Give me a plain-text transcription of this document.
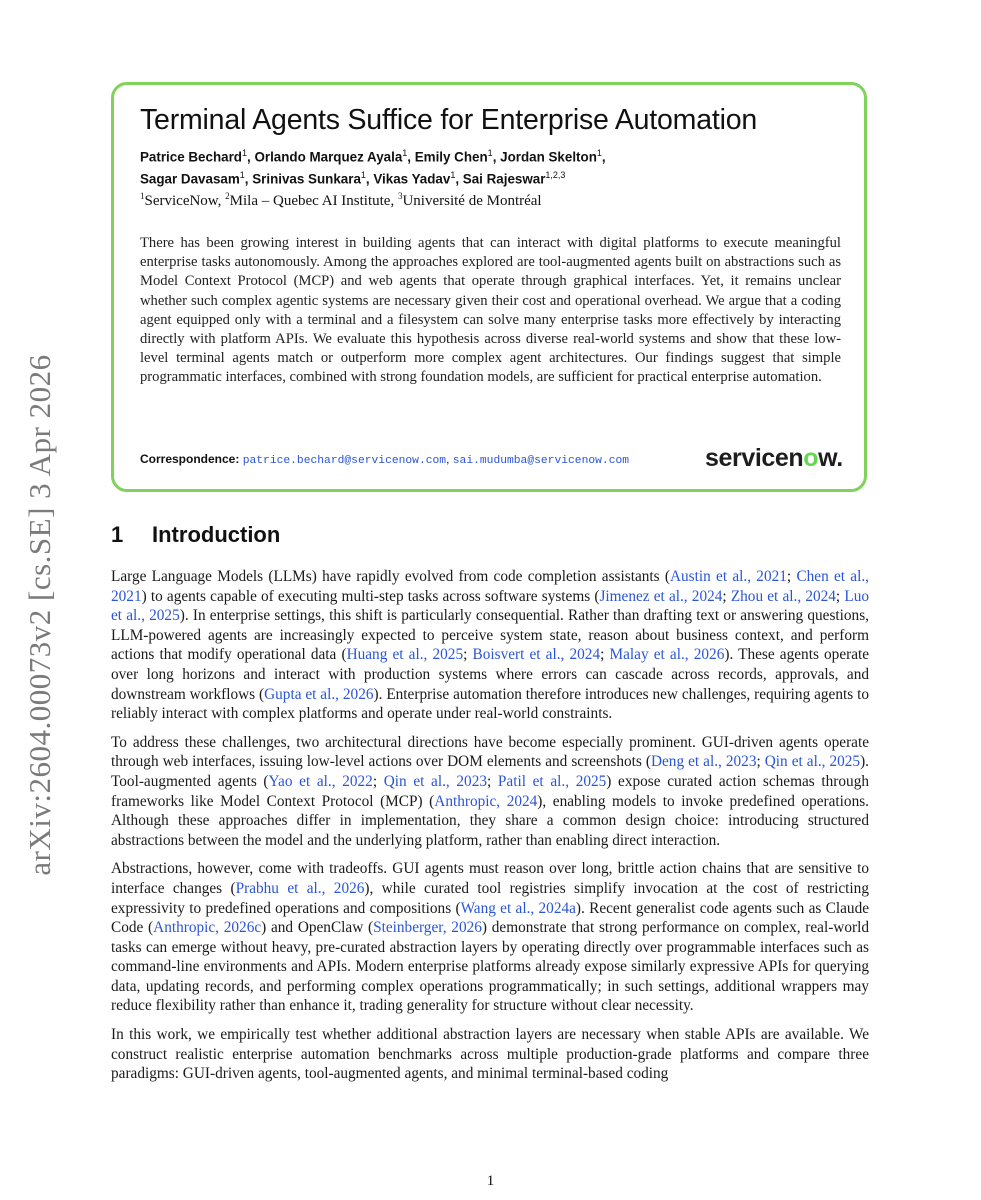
arXiv:2604.00073v2 [cs.SE] 3 Apr 2026
Terminal Agents Suffice for Enterprise Automation
Patrice Bechard$^1$, Orlando Marquez Ayala$^1$, Emily Chen$^1$, Jordan Skelton$^1$,
Sagar Davasam$^1$, Srinivas Sunkara$^1$, Vikas Yadav$^1$, Sai Rajeswar$^{1,2,3}$
$^1$ServiceNow, $^2$Mila – Quebec AI Institute, $^3$Université de Montréal
There has been growing interest in building agents that can interact with digital platforms to execute meaningful enterprise tasks autonomously. Among the approaches explored are tool-augmented agents built on abstractions such as Model Context Protocol (MCP) and web agents that operate through graphical interfaces. Yet, it remains unclear whether such complex agentic systems are necessary given their cost and operational overhead. We argue that a coding agent equipped only with a terminal and a filesystem can solve many enterprise tasks more effectively by interacting directly with platform APIs. We evaluate this hypothesis across diverse real-world systems and show that these low-level terminal agents match or outperform more complex agent architectures. Our findings suggest that simple programmatic interfaces, combined with strong foundation models, are sufficient for practical enterprise automation.
Correspondence: patrice.bechard@servicenow.com, sai.mudumba@servicenow.com	servicenow.
1 Introduction

Large Language Models (LLMs) have rapidly evolved from code completion assistants (Austin et al., 2021; Chen et al., 2021) to agents capable of executing multi-step tasks across software systems (Jimenez et al., 2024; Zhou et al., 2024; Luo et al., 2025). In enterprise settings, this shift is particularly consequential. Rather than drafting text or answering questions, LLM-powered agents are increasingly expected to perceive system state, reason about business context, and perform actions that modify operational data (Huang et al., 2025; Boisvert et al., 2024; Malay et al., 2026). These agents operate over long horizons and interact with production systems where errors can cascade across records, approvals, and downstream workflows (Gupta et al., 2026). Enterprise automation therefore introduces new challenges, requiring agents to reliably interact with complex platforms and operate under real-world constraints.

To address these challenges, two architectural directions have become especially prominent. GUI-driven agents operate through web interfaces, issuing low-level actions over DOM elements and screenshots (Deng et al., 2023; Qin et al., 2025). Tool-augmented agents (Yao et al., 2022; Qin et al., 2023; Patil et al., 2025) expose curated action schemas through frameworks like Model Context Protocol (MCP) (Anthropic, 2024), enabling models to invoke predefined operations. Although these approaches differ in implementation, they share a common design choice: introducing structured abstractions between the model and the underlying platform, rather than enabling direct interaction.

Abstractions, however, come with tradeoffs. GUI agents must reason over long, brittle action chains that are sensitive to interface changes (Prabhu et al., 2026), while curated tool registries simplify invocation at the cost of restricting expressivity to predefined operations and compositions (Wang et al., 2024a). Recent generalist code agents such as Claude Code (Anthropic, 2026c) and OpenClaw (Steinberger, 2026) demonstrate that strong performance on complex, real-world tasks can emerge without heavy, pre-curated abstraction layers by operating directly over programmable interfaces such as command-line environments and APIs. Modern enterprise platforms already expose similarly expressive APIs for querying data, updating records, and performing complex operations programmatically; in such settings, additional wrappers may reduce flexibility rather than enhance it, trading generality for structure without clear necessity.

In this work, we empirically test whether additional abstraction layers are necessary when stable APIs are available. We construct realistic enterprise automation benchmarks across multiple production-grade platforms and compare three paradigms: GUI-driven agents, tool-augmented agents, and minimal terminal-based coding

1
